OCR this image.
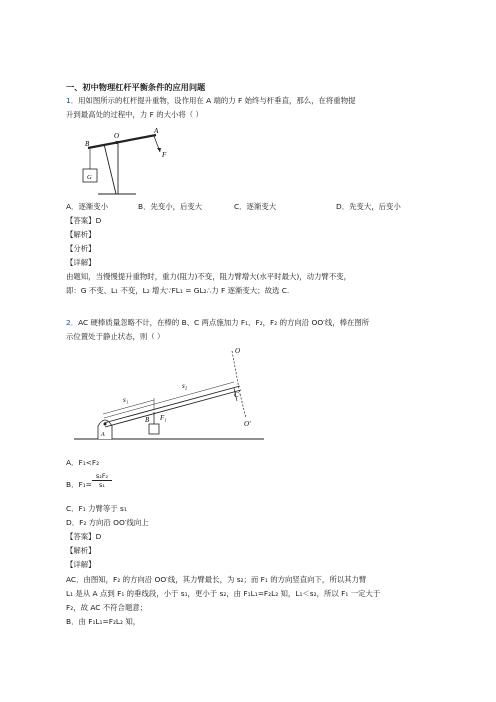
一、初中物理杠杆平衡条件的应用问题
1．用如图所示的杠杆提升重物，设作用在 A 端的力 F 始终与杆垂直，那么，在将重物提
升到最高处的过程中，力 F 的大小将（ ）
B
O
A
F
G
A．逐渐变小	B．先变小，后变大	C．逐渐变大	D．先变大，后变小
【答案】D
【解析】
【分析】
【详解】
由题知，当慢慢提升重物时，重力(阻力)不变，阻力臂增大(水平时最大)，动力臂不变，
即：G 不变、L₁ 不变，L₂ 增大∵FL₁ = GL₂∴力 F 逐渐变大；故选 C.
2．AC 硬棒质量忽略不计，在棒的 B、C 两点施加力 F₁、F₂，F₂ 的方向沿 OO′线，棒在图所
示位置处于静止状态，则（ ）
O
s₂
s₁
C
O′
B F₁
A
A．F₁<F₂
B．F₁=
s₂F₂
s₁
C．F₁ 力臂等于 s₁
D．F₂ 方向沿 OO′线向上
【答案】D
【解析】
【详解】
AC．由图知，F₂ 的方向沿 OO′线，其力臂最长，为 s₂；而 F₁ 的方向竖直向下，所以其力臂
L₁ 是从 A 点到 F₁ 的垂线段，小于 s₁，更小于 s₂，由 F₁L₁=F₂L₂ 知，L₁＜s₂，所以 F₁ 一定大于
F₂，故 AC 不符合题意；
B．由 F₁L₁=F₂L₂ 知，
